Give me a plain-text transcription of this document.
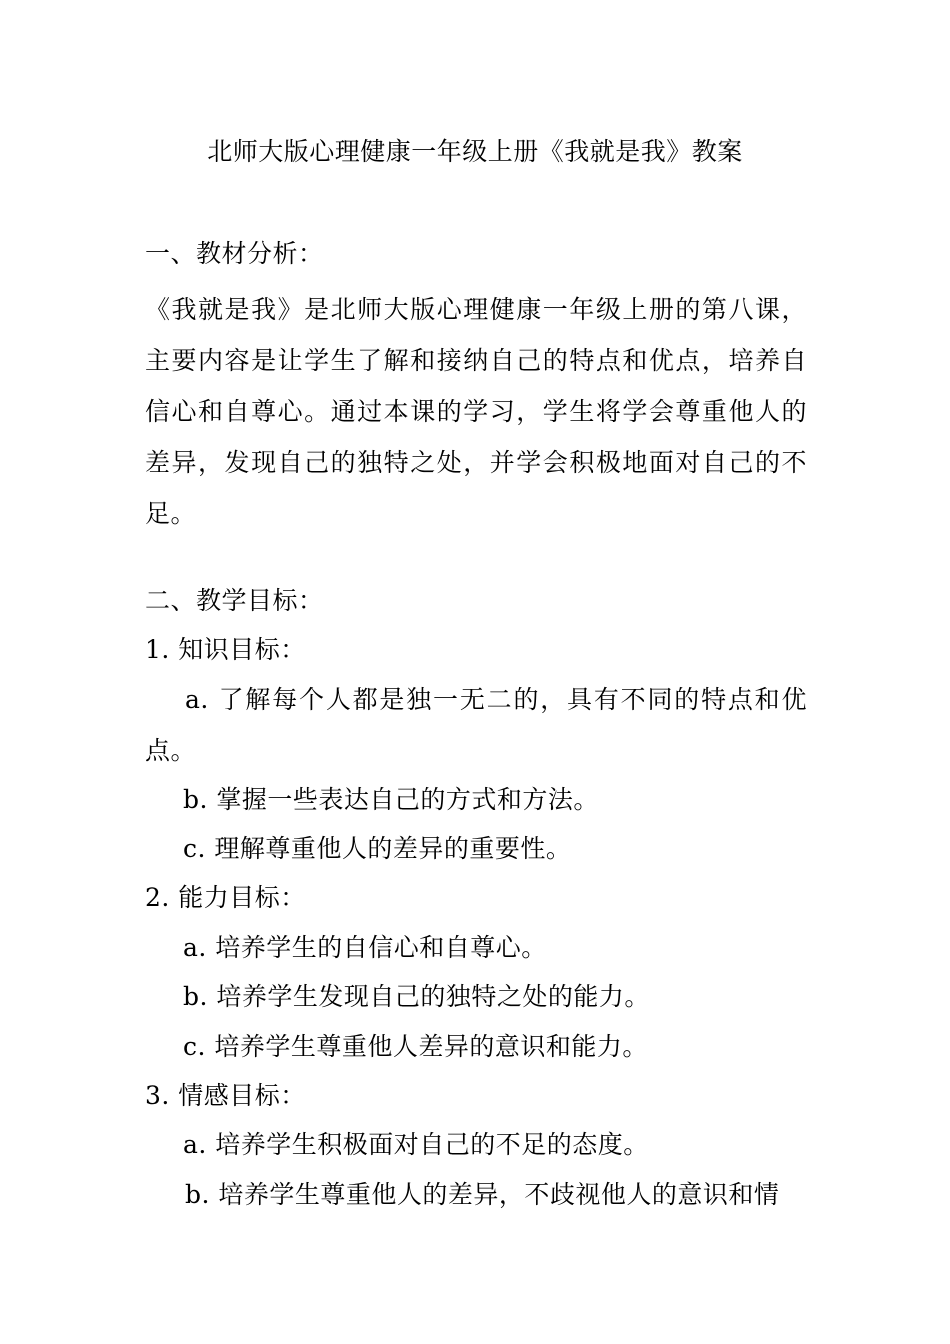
北师大版心理健康一年级上册《我就是我》教案
一、教材分析：
《我就是我》是北师大版心理健康一年级上册的第八课，主要内容是让学生了解和接纳自己的特点和优点，培养自信心和自尊心。通过本课的学习，学生将学会尊重他人的差异，发现自己的独特之处，并学会积极地面对自己的不足。
二、教学目标：
1. 知识目标：
a. 了解每个人都是独一无二的，具有不同的特点和优点。
b. 掌握一些表达自己的方式和方法。
c. 理解尊重他人的差异的重要性。
2. 能力目标：
a. 培养学生的自信心和自尊心。
b. 培养学生发现自己的独特之处的能力。
c. 培养学生尊重他人差异的意识和能力。
3. 情感目标：
a. 培养学生积极面对自己的不足的态度。
b. 培养学生尊重他人的差异，不歧视他人的意识和情
